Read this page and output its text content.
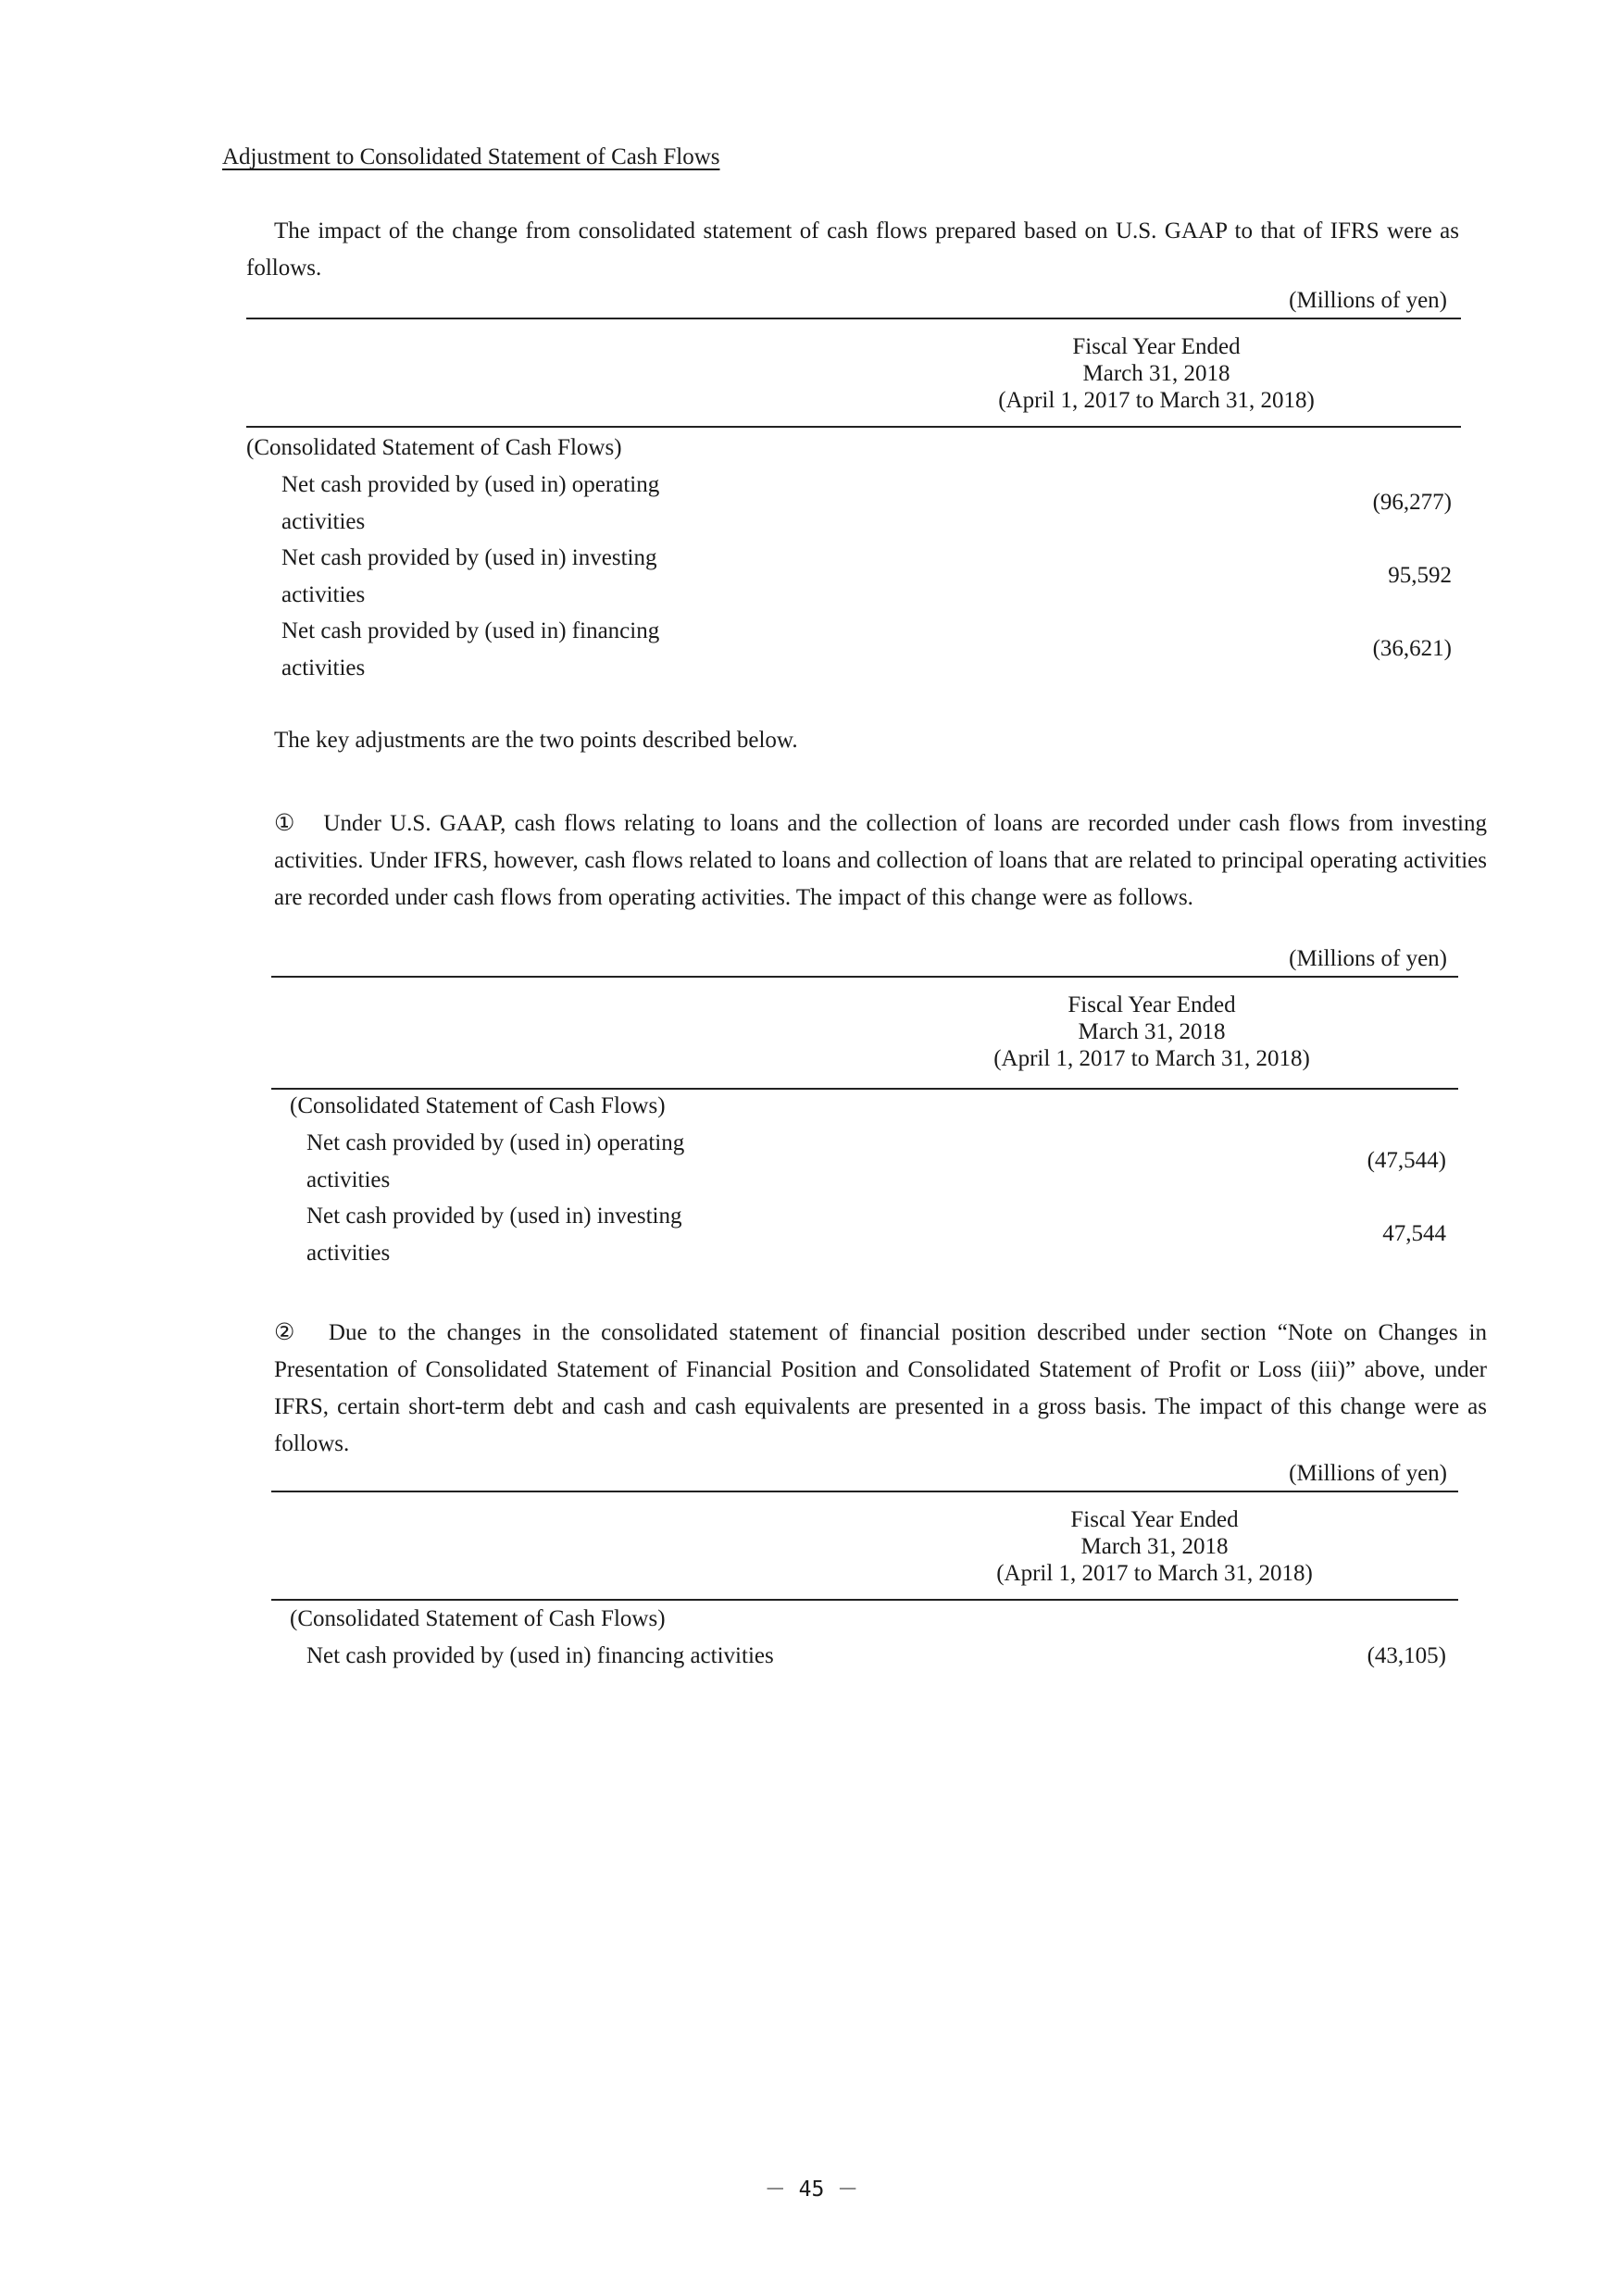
Adjustment to Consolidated Statement of Cash Flows

The impact of the change from consolidated statement of cash flows prepared based on U.S. GAAP to that of IFRS were as follows.

(Millions of yen)
Fiscal Year Ended
March 31, 2018
(April 1, 2017 to March 31, 2018)
(Consolidated Statement of Cash Flows)
Net cash provided by (used in) operating activities
(96,277)
Net cash provided by (used in) investing activities
95,592
Net cash provided by (used in) financing activities
(36,621)

The key adjustments are the two points described below.

①　Under U.S. GAAP, cash flows relating to loans and the collection of loans are recorded under cash flows from investing activities. Under IFRS, however, cash flows related to loans and collection of loans that are related to principal operating activities are recorded under cash flows from operating activities. The impact of this change were as follows.

(Millions of yen)
Fiscal Year Ended
March 31, 2018
(April 1, 2017 to March 31, 2018)
(Consolidated Statement of Cash Flows)
Net cash provided by (used in) operating activities
(47,544)
Net cash provided by (used in) investing activities
47,544

②　Due to the changes in the consolidated statement of financial position described under section “Note on Changes in Presentation of Consolidated Statement of Financial Position and Consolidated Statement of Profit or Loss (iii)” above, under IFRS, certain short-term debt and cash and cash equivalents are presented in a gross basis. The impact of this change were as follows.

(Millions of yen)
Fiscal Year Ended
March 31, 2018
(April 1, 2017 to March 31, 2018)
(Consolidated Statement of Cash Flows)
Net cash provided by (used in) financing activities	(43,105)
－ 45 －
